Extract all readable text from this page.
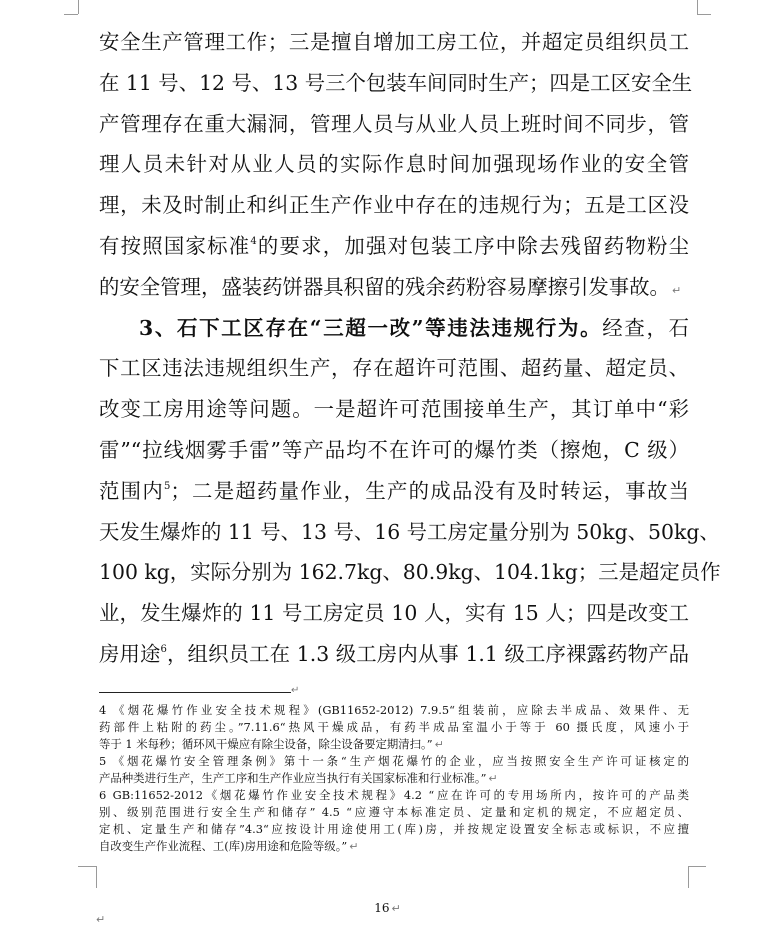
安全生产管理工作；三是擅自增加工房工位，并超定员组织员工
在 11 号、12 号、13 号三个包装车间同时生产；四是工区安全生
产管理存在重大漏洞，管理人员与从业人员上班时间不同步，管
理人员未针对从业人员的实际作息时间加强现场作业的安全管
理，未及时制止和纠正生产作业中存在的违规行为；五是工区没
有按照国家标准$^4$的要求，加强对包装工序中除去残留药物粉尘
的安全管理，盛装药饼器具积留的残余药粉容易摩擦引发事故。 ↵
3、石下工区存在“三超一改”等违法违规行为。经查，石
下工区违法违规组织生产，存在超许可范围、超药量、超定员、
改变工房用途等问题。一是超许可范围接单生产，其订单中“彩
雷”“拉线烟雾手雷”等产品均不在许可的爆竹类（擦炮，C 级）
范围内$^5$；二是超药量作业，生产的成品没有及时转运，事故当
天发生爆炸的 11 号、13 号、16 号工房定量分别为 50kg、50kg、
100 kg，实际分别为 162.7kg、80.9kg、104.1kg；三是超定员作
业，发生爆炸的 11 号工房定员 10 人，实有 15 人；四是改变工
房用途$^6$，组织员工在 1.3 级工房内从事 1.1 级工序裸露药物产品
↵
4 《烟花爆竹作业安全技术规程》(GB11652-2012) 7.9.5“组装前，应除去半成品、效果件、无
药部件上粘附的药尘。”7.11.6“热风干燥成品，有药半成品室温小于等于 60 摄氏度，风速小于
等于 1 米每秒；循环风干燥应有除尘设备，除尘设备要定期清扫。” ↵
5 《烟花爆竹安全管理条例》第十一条“生产烟花爆竹的企业，应当按照安全生产许可证核定的
产品种类进行生产，生产工序和生产作业应当执行有关国家标准和行业标准。” ↵
6 GB:11652-2012《烟花爆竹作业安全技术规程》4.2 “应在许可的专用场所内，按许可的产品类
别、级别范围进行安全生产和储存” 4.5 “应遵守本标准定员、定量和定机的规定，不应超定员、
定机、定量生产和储存”4.3“应按设计用途使用工(库)房，并按规定设置安全标志或标识，不应擅
自改变生产作业流程、工(库)房用途和危险等级。” ↵
16 ↵
↵
